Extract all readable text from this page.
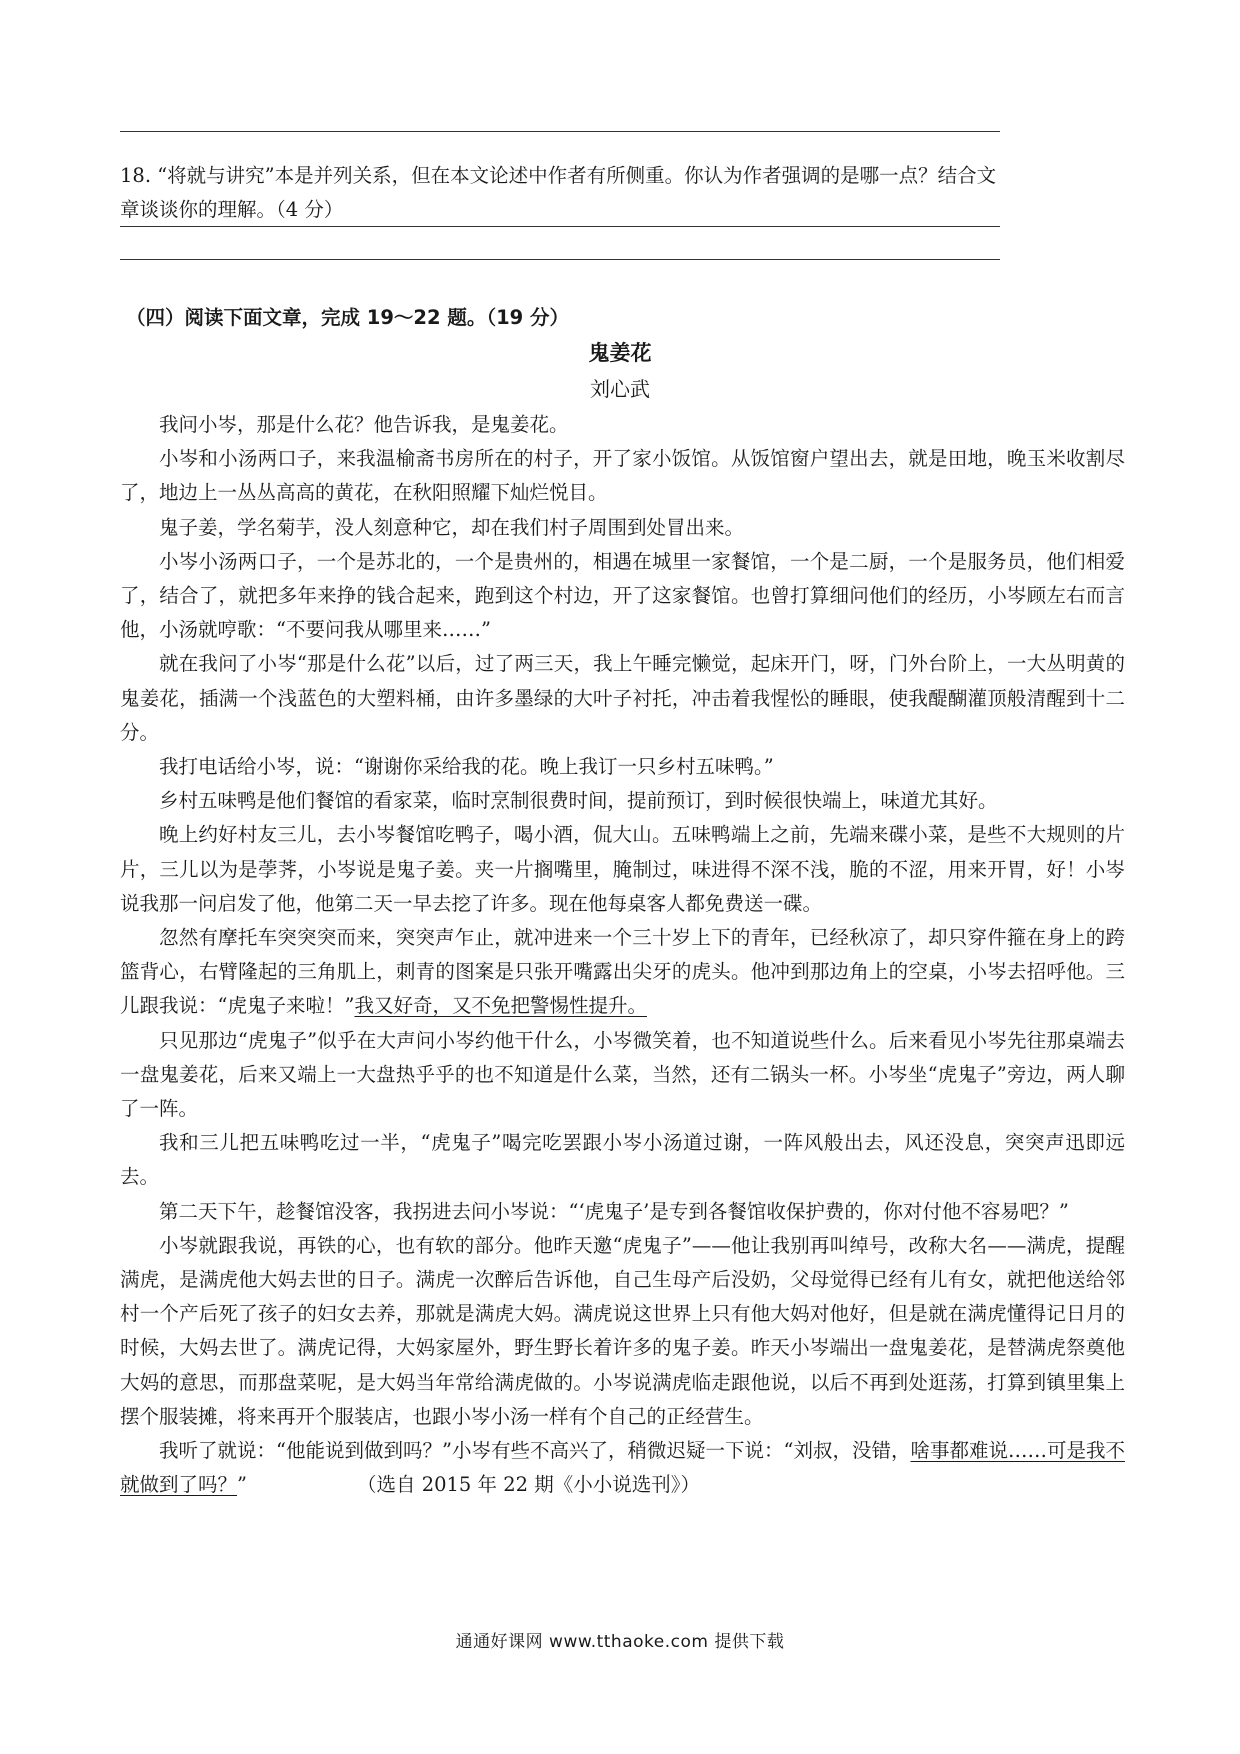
18. “将就与讲究”本是并列关系，但在本文论述中作者有所侧重。你认为作者强调的是哪一点？结合文
章谈谈你的理解。（4 分）
（四）阅读下面文章，完成 19～22 题。（19 分）
鬼姜花
刘心武

我问小岑，那是什么花？他告诉我，是鬼姜花。

小岑和小汤两口子，来我温榆斋书房所在的村子，开了家小饭馆。从饭馆窗户望出去，就是田地，晚玉米收割尽了，地边上一丛丛高高的黄花，在秋阳照耀下灿烂悦目。

鬼子姜，学名菊芋，没人刻意种它，却在我们村子周围到处冒出来。

小岑小汤两口子，一个是苏北的，一个是贵州的，相遇在城里一家餐馆，一个是二厨，一个是服务员，他们相爱了，结合了，就把多年来挣的钱合起来，跑到这个村边，开了这家餐馆。也曾打算细问他们的经历，小岑顾左右而言他，小汤就哼歌：“不要问我从哪里来……”

就在我问了小岑“那是什么花”以后，过了两三天，我上午睡完懒觉，起床开门，呀，门外台阶上，一大丛明黄的鬼姜花，插满一个浅蓝色的大塑料桶，由许多墨绿的大叶子衬托，冲击着我惺忪的睡眼，使我醍醐灌顶般清醒到十二分。

我打电话给小岑，说：“谢谢你采给我的花。晚上我订一只乡村五味鸭。”

乡村五味鸭是他们餐馆的看家菜，临时烹制很费时间，提前预订，到时候很快端上，味道尤其好。

晚上约好村友三儿，去小岑餐馆吃鸭子，喝小酒，侃大山。五味鸭端上之前，先端来碟小菜，是些不大规则的片片，三儿以为是荸荠，小岑说是鬼子姜。夹一片搁嘴里，腌制过，味进得不深不浅，脆的不涩，用来开胃，好！小岑说我那一问启发了他，他第二天一早去挖了许多。现在他每桌客人都免费送一碟。

忽然有摩托车突突突而来，突突声乍止，就冲进来一个三十岁上下的青年，已经秋凉了，却只穿件箍在身上的跨篮背心，右臂隆起的三角肌上，刺青的图案是只张开嘴露出尖牙的虎头。他冲到那边角上的空桌，小岑去招呼他。三儿跟我说：“虎鬼子来啦！”我又好奇，又不免把警惕性提升。

只见那边“虎鬼子”似乎在大声问小岑约他干什么，小岑微笑着，也不知道说些什么。后来看见小岑先往那桌端去一盘鬼姜花，后来又端上一大盘热乎乎的也不知道是什么菜，当然，还有二锅头一杯。小岑坐“虎鬼子”旁边，两人聊了一阵。

我和三儿把五味鸭吃过一半，“虎鬼子”喝完吃罢跟小岑小汤道过谢，一阵风般出去，风还没息，突突声迅即远去。

第二天下午，趁餐馆没客，我拐进去问小岑说：“‘虎鬼子’是专到各餐馆收保护费的，你对付他不容易吧？”

小岑就跟我说，再铁的心，也有软的部分。他昨天邀“虎鬼子”——他让我别再叫绰号，改称大名——满虎，提醒满虎，是满虎他大妈去世的日子。满虎一次醉后告诉他，自己生母产后没奶，父母觉得已经有儿有女，就把他送给邻村一个产后死了孩子的妇女去养，那就是满虎大妈。满虎说这世界上只有他大妈对他好，但是就在满虎懂得记日月的时候，大妈去世了。满虎记得，大妈家屋外，野生野长着许多的鬼子姜。昨天小岑端出一盘鬼姜花，是替满虎祭奠他大妈的意思，而那盘菜呢，是大妈当年常给满虎做的。小岑说满虎临走跟他说，以后不再到处逛荡，打算到镇里集上摆个服装摊，将来再开个服装店，也跟小岑小汤一样有个自己的正经营生。

我听了就说：“他能说到做到吗？”小岑有些不高兴了，稍微迟疑一下说：“刘叔，没错，啥事都难说……可是我不就做到了吗？”	（选自 2015 年 22 期《小小说选刊》）

通通好课网 www.tthaoke.com 提供下载
